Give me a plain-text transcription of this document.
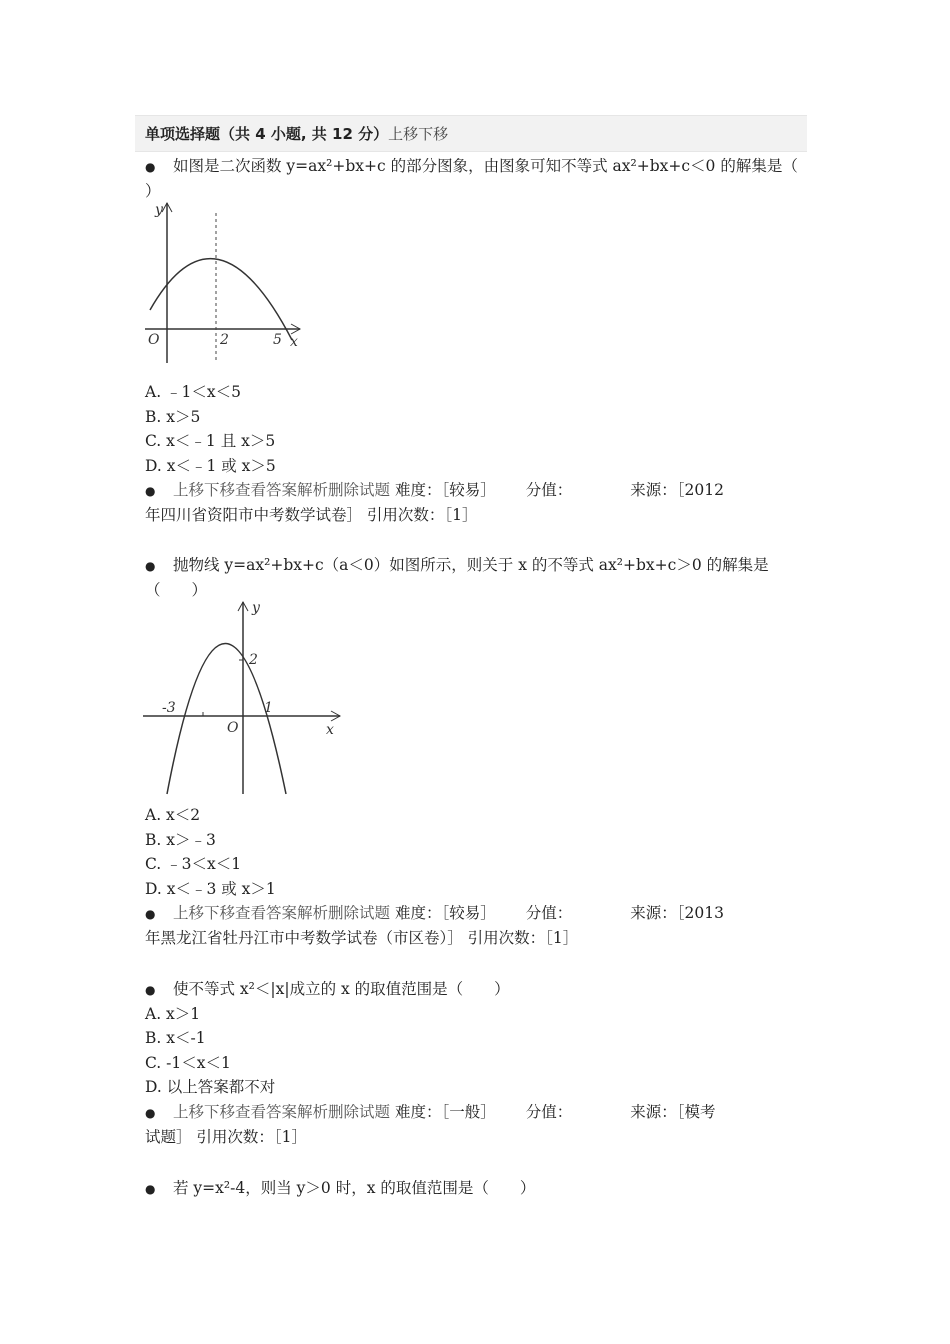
单项选择题（共 4 小题, 共 12 分）上移下移
● 如图是二次函数 y=ax²+bx+c 的部分图象，由图象可知不等式 ax²+bx+c＜0 的解集是（
）
y
O	2	5 x
A. ﹣1＜x＜5
B. x＞5
C. x＜﹣1 且 x＞5
D. x＜﹣1 或 x＞5
● 上移下移查看答案解析删除试题 难度：［较易］ 分值：	来源：［2012
年四川省资阳市中考数学试卷］ 引用次数：［1］
● 抛物线 y=ax²+bx+c（a＜0）如图所示，则关于 x 的不等式 ax²+bx+c＞0 的解集是
（　　）
y
2
-3	1
O	x
A. x＜2
B. x＞﹣3
C. ﹣3＜x＜1
D. x＜﹣3 或 x＞1
● 上移下移查看答案解析删除试题 难度：［较易］ 分值：	来源：［2013
年黑龙江省牡丹江市中考数学试卷（市区卷）］ 引用次数：［1］
● 使不等式 x²＜|x|成立的 x 的取值范围是（　　）
A. x＞1
B. x＜-1
C. -1＜x＜1
D. 以上答案都不对
● 上移下移查看答案解析删除试题 难度：［一般］ 分值：	来源：［模考
试题］ 引用次数：［1］
● 若 y=x²-4，则当 y＞0 时，x 的取值范围是（　　）
